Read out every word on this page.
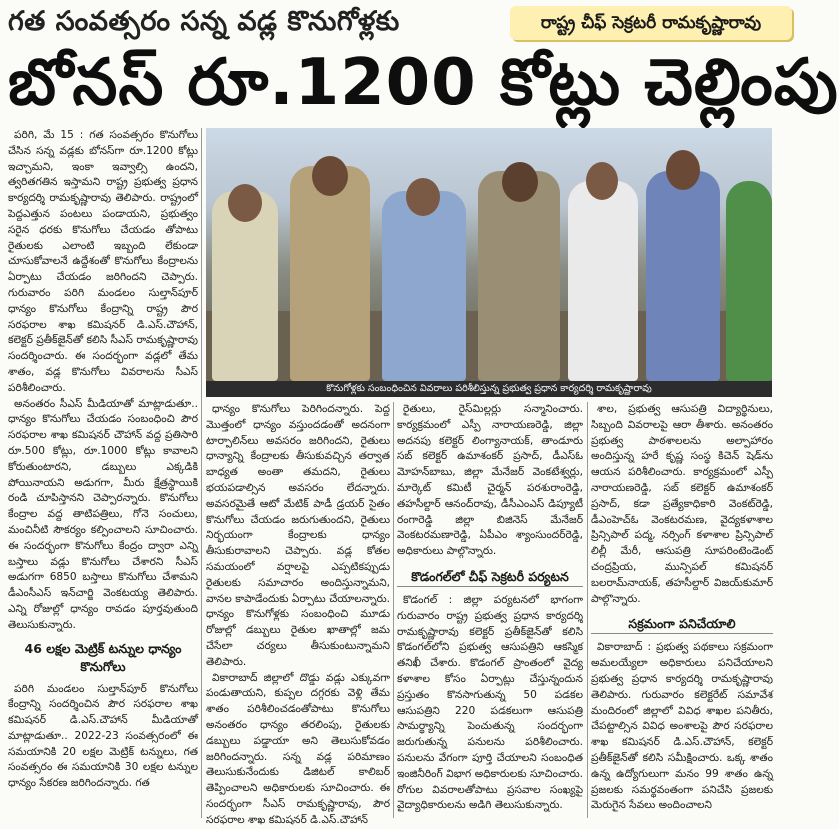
గత సంవత్సరం సన్న వడ్ల కొనుగోళ్లకు	రాష్ట్ర చీఫ్ సెక్రటరీ రామకృష్ణారావు
బోనస్ రూ.1200 కోట్లు చెల్లింపు

పరిగి, మే 15 : గత సంవత్సరం కొనుగోలు చేసిన సన్న వడ్లకు బోనస్‌గా రూ.1200 కోట్లు ఇచ్చామని, ఇంకా ఇవ్వాల్సి ఉందని, త్వరితగతిన ఇస్తామని రాష్ట్ర ప్రభుత్వ ప్రధాన కార్యదర్శి రామకృష్ణారావు తెలిపారు. రాష్ట్రంలో పెద్దఎత్తున పంటలు పండాయని, ప్రభుత్వం సరైన ధరకు కొనుగోలు చేయడం తోపాటు రైతులకు ఎలాంటి ఇబ్బంది లేకుండా చూసుకోవాలనే ఉద్దేశంతో కొనుగోలు కేంద్రాలను ఏర్పాటు చేయడం జరిగిందని చెప్పారు. గురువారం పరిగి మండలం సుల్తాన్‌పూర్ ధాన్యం కొనుగోలు కేంద్రాన్ని రాష్ట్ర పౌర సరఫరాల శాఖ కమిషనర్ డి.ఎస్.చౌహాన్, కలెక్టర్ ప్రతీక్‌జైన్‌తో కలిసి సీఎస్ రామకృష్ణారావు సందర్శించారు. ఈ సందర్భంగా వడ్లలో తేమ శాతం, వడ్ల కొనుగోలు వివరాలను సీఎస్ పరిశీలించారు.

అనంతరం సీఎస్ మీడియాతో మాట్లాడుతూ.. ధాన్యం కొనుగోలు చేయడం సంబంధించి పౌర సరఫరాల శాఖ కమిషనర్ చౌహాన్ వద్ద ప్రతిసారి రూ.500 కోట్లు, రూ.1000 కోట్లు కావాలని కోరుతుంటారని, డబ్బులు ఎక్కడికి పోయినాయని అడుగగా, మీరు క్షేత్రస్థాయికి రండి చూపిస్తానని చెప్పారన్నారు. కొనుగోలు కేంద్రాల వద్ద తాటిపత్రిలు, గోనె సంచులు, మంచినీటి సౌకర్యం కల్పించాలని సూచించారు. ఈ సందర్భంగా కొనుగోలు కేంద్రం ద్వారా ఎన్ని బస్తాలు వడ్లు కొనుగోలు చేశారని సీఎస్ అడుగగా 6850 బస్తాలు కొనుగోలు చేశామని డీఎం‌సీఎస్ ఇన్‌చార్జి వెంకటయ్య తెలిపారు. ఎన్ని రోజుల్లో ధాన్యం రావడం పూర్తవుతుంది తెలుసుకున్నారు.

46 లక్షల మెట్రిక్ టన్నుల ధాన్యం కొనుగోలు

పరిగి మండలం సుల్తాన్‌పూర్ కొనుగోలు కేంద్రాన్ని సందర్శించిన పౌర సరఫరాల శాఖ కమిషనర్ డి.ఎస్.చౌహాన్ మీడియాతో మాట్లాడుతూ.. 2022-23 సంవత్సరంలో ఈ సమయానికి 20 లక్షల మెట్రిక్ టన్నులు, గత సంవత్సరం ఈ సమయానికి 30 లక్షల టన్నుల ధాన్యం సేకరణ జరిగిందన్నారు. గత

కొనుగోళ్లకు సంబంధించిన వివరాలు పరిశీలిస్తున్న ప్రభుత్వ ప్రధాన కార్యదర్శి రామకృష్ణారావు

ధాన్యం కొనుగోలు పెరిగిందన్నారు. పెద్ద మొత్తంలో ధాన్యం వస్తుందడంతో అదనంగా టార్పాలిన్‌లు అవసరం జరిగిందని, రైతులు ధాన్యాన్ని కేంద్రాలకు తీసుకువచ్చిన తర్వాత బాధ్యత అంతా తమదని, రైతులు భయపడాల్సిన అవసరం లేదన్నారు. అవసరమైతే ఆటో మేటిక్ పాడీ డ్రయర్ సైతం కొనుగోలు చేయడం జరుగుతుందని, రైతులు నిర్భయంగా కేంద్రాలకు ధాన్యం తీసుకురావాలని చెప్పారు. వడ్ల కోతల సమయంలో వర్షాలపై ఎప్పటికప్పుడు రైతులకు సమాచారం అందిస్తున్నామని, వానల కాపాడేందుకు ఏర్పాటు చేయాలన్నారు. ధాన్యం కొనుగోళ్లకు సంబంధించి మూడు రోజుల్లో డబ్బులు రైతుల ఖాతాల్లో జమ చేసేలా చర్యలు తీసుకుంటున్నామని తెలిపారు.

వికారాబాద్ జిల్లాలో దొడ్డు వడ్లు ఎక్కువగా పండుతాయని, కుప్పల దగ్గరకు వెళ్లి తేమ శాతం పరిశీలించడంతోపాటు కొనుగోలు అనంతరం ధాన్యం తరలింపు, రైతులకు డబ్బులు పడ్డాయా అని తెలుసుకోవడం జరిగిందన్నారు. సన్న వడ్ల పరిమాణం తెలుసుకునేందుకు డిజిటల్ కాలిబర్ తెప్పించాలని అధికారులకు సూచించారు. ఈ సందర్భంగా సీఎస్ రామకృష్ణారావు, పౌర సరఫరాల శాఖ కమిషనర్ డి.ఎస్.చౌహాన్

రైతులు, రైస్‌మిల్లర్లు సన్మానించారు. కార్యక్రమంలో ఎస్పీ నారాయణరెడ్డి, జిల్లా అదనపు కలెక్టర్ లింగ్యానాయక్, తాండూరు సబ్ కలెక్టర్ ఉమాశంకర్ ప్రసాద్, డీఎస్‌ఓ మోహన్‌బాబు, జిల్లా మేనేజర్ వెంకటేశ్వర్లు, మార్కెట్ కమిటీ చైర్మన్ పరశురాంరెడ్డి, తహసీల్దార్ ఆనంద్‌రావు, డీసీఎంఎస్ డిప్యూటీ రంగారెడ్డి జిల్లా బిజినెస్ మేనేజర్ వెంకటరమణారెడ్డి, ఏపీఎం శ్యాంసుందర్‌రెడ్డి, అధికారులు పాల్గొన్నారు.

కొడంగల్‌లో చీఫ్ సెక్రటరీ పర్యటన

కొడంగల్ : జిల్లా పర్యటనలో భాగంగా గురువారం రాష్ట్ర ప్రభుత్వ ప్రధాన కార్యదర్శి రామకృష్ణారావు కలెక్టర్ ప్రతీక్‌జైన్‌తో కలిసి కొడంగల్‌లోని ప్రభుత్వ ఆసుపత్రిని ఆకస్మిక తనిఖీ చేశారు. కొడంగల్ ప్రాంతంలో వైద్య కళాశాల కోసం ఏర్పాట్లు చేస్తున్నందున ప్రస్తుతం కొనసాగుతున్న 50 పడకల ఆసుపత్రిని 220 పడకలుగా ఆసుపత్రి సామర్థ్యాన్ని పెంచుతున్న సందర్భంగా జరుగుతున్న పనులను పరిశీలించారు. పనులను వేగంగా పూర్తి చేయాలని సంబంధిత ఇంజినీరింగ్ విభాగ అధికారులకు సూచించారు. రోగుల వివరాలతోపాటు ప్రసవాల సంఖ్యపై వైద్యాధికారులను అడిగి తెలుసుకున్నారు.

శాల, ప్రభుత్వ ఆసుపత్రి విద్యార్థినులు, సిబ్బంది వివరాలపై ఆరా తీశారు. అనంతరం ప్రభుత్వ పాఠశాలలను అల్పాహారం అందిస్తున్న హరే కృష్ణ సంస్థ కిచెన్ షెడ్‌ను ఆయన పరిశీలించారు. కార్యక్రమంలో ఎస్పీ నారాయణరెడ్డి, సబ్ కలెక్టర్ ఉమాశంకర్ ప్రసాద్, కడా ప్రత్యేకాధికారి వెంకట్‌రెడ్డి, డీఎంహెచ్‌ఓ వెంకటరమణ, వైద్యకళాశాల ప్రిన్సిపాల్ పద్మ, నర్సింగ్ కళాశాల ప్రిన్సిపాల్ లిల్లీ మేరీ, ఆసుపత్రి సూపరింటెండెంట్ చంద్రప్రియ, మున్సిపల్ కమిషనర్ బలరామ్‌నాయక్, తహసీల్దార్ విజయ్‌కుమార్ పాల్గొన్నారు.

సక్రమంగా పనిచేయాలి

వికారాబాద్ : ప్రభుత్వ పథకాలు సక్రమంగా అమలయ్యేలా అధికారులు పనిచేయాలని ప్రభుత్వ ప్రధాన కార్యదర్శి రామకృష్ణారావు తెలిపారు. గురువారం కలెక్టరేట్ సమావేశ మందిరంలో జిల్లాలో వివిధ శాఖల పనితీరు, చేపట్టాల్సిన వివిధ అంశాలపై పౌర సరఫరాల శాఖ కమిషనర్ డి.ఎస్.చౌహాన్, కలెక్టర్ ప్రతీక్‌జైన్‌తో కలిసి సమీక్షించారు. ఒక్క శాతం ఉన్న ఉద్యోగులుగా మనం 99 శాతం ఉన్న ప్రజలకు సమర్థవంతంగా పనిచేసి ప్రజలకు మెరుగైన సేవలు అందించాలని
